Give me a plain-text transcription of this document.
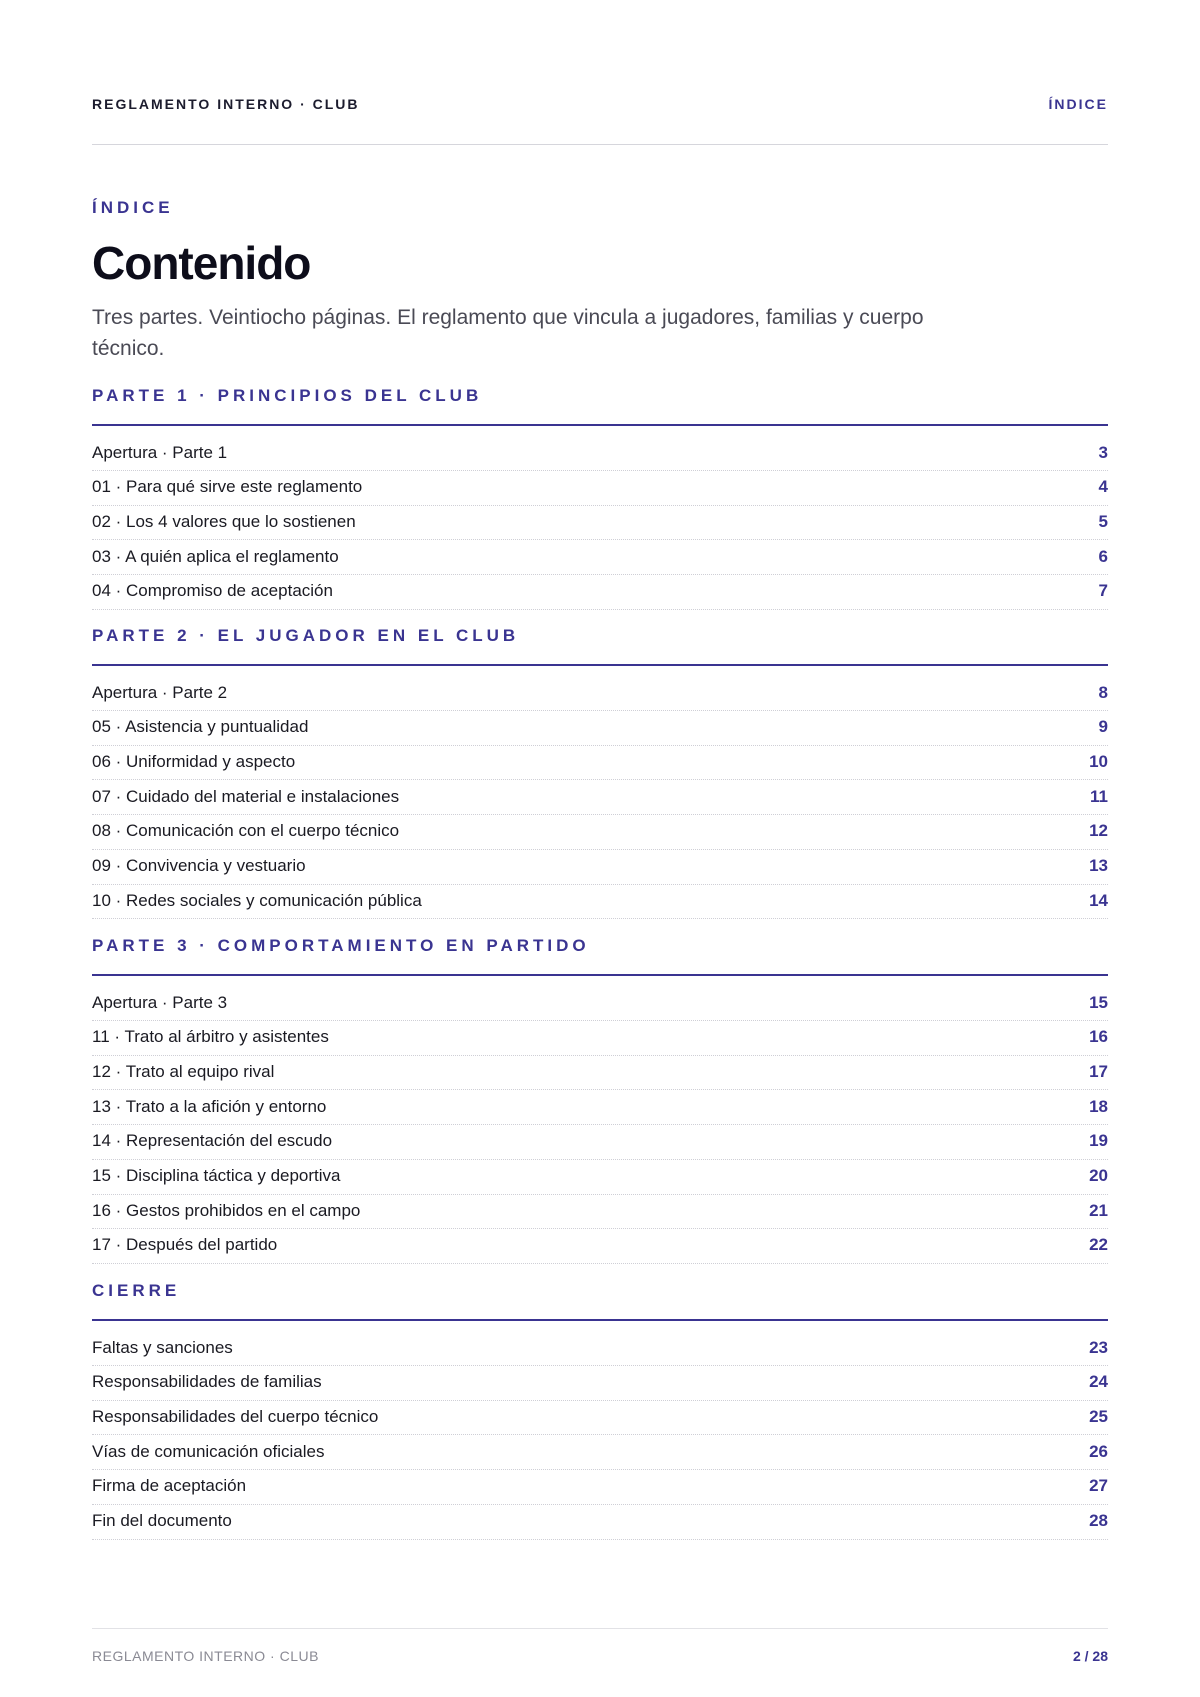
REGLAMENTO INTERNO · CLUB	ÍNDICE
ÍNDICE
Contenido
Tres partes. Veintiocho páginas. El reglamento que vincula a jugadores, familias y cuerpo técnico.
PARTE 1 · PRINCIPIOS DEL CLUB
Apertura · Parte 1	3
01 · Para qué sirve este reglamento	4
02 · Los 4 valores que lo sostienen	5
03 · A quién aplica el reglamento	6
04 · Compromiso de aceptación	7
PARTE 2 · EL JUGADOR EN EL CLUB
Apertura · Parte 2	8
05 · Asistencia y puntualidad	9
06 · Uniformidad y aspecto	10
07 · Cuidado del material e instalaciones	11
08 · Comunicación con el cuerpo técnico	12
09 · Convivencia y vestuario	13
10 · Redes sociales y comunicación pública	14
PARTE 3 · COMPORTAMIENTO EN PARTIDO
Apertura · Parte 3	15
11 · Trato al árbitro y asistentes	16
12 · Trato al equipo rival	17
13 · Trato a la afición y entorno	18
14 · Representación del escudo	19
15 · Disciplina táctica y deportiva	20
16 · Gestos prohibidos en el campo	21
17 · Después del partido	22
CIERRE
Faltas y sanciones	23
Responsabilidades de familias	24
Responsabilidades del cuerpo técnico	25
Vías de comunicación oficiales	26
Firma de aceptación	27
Fin del documento	28
REGLAMENTO INTERNO · CLUB	2 / 28
